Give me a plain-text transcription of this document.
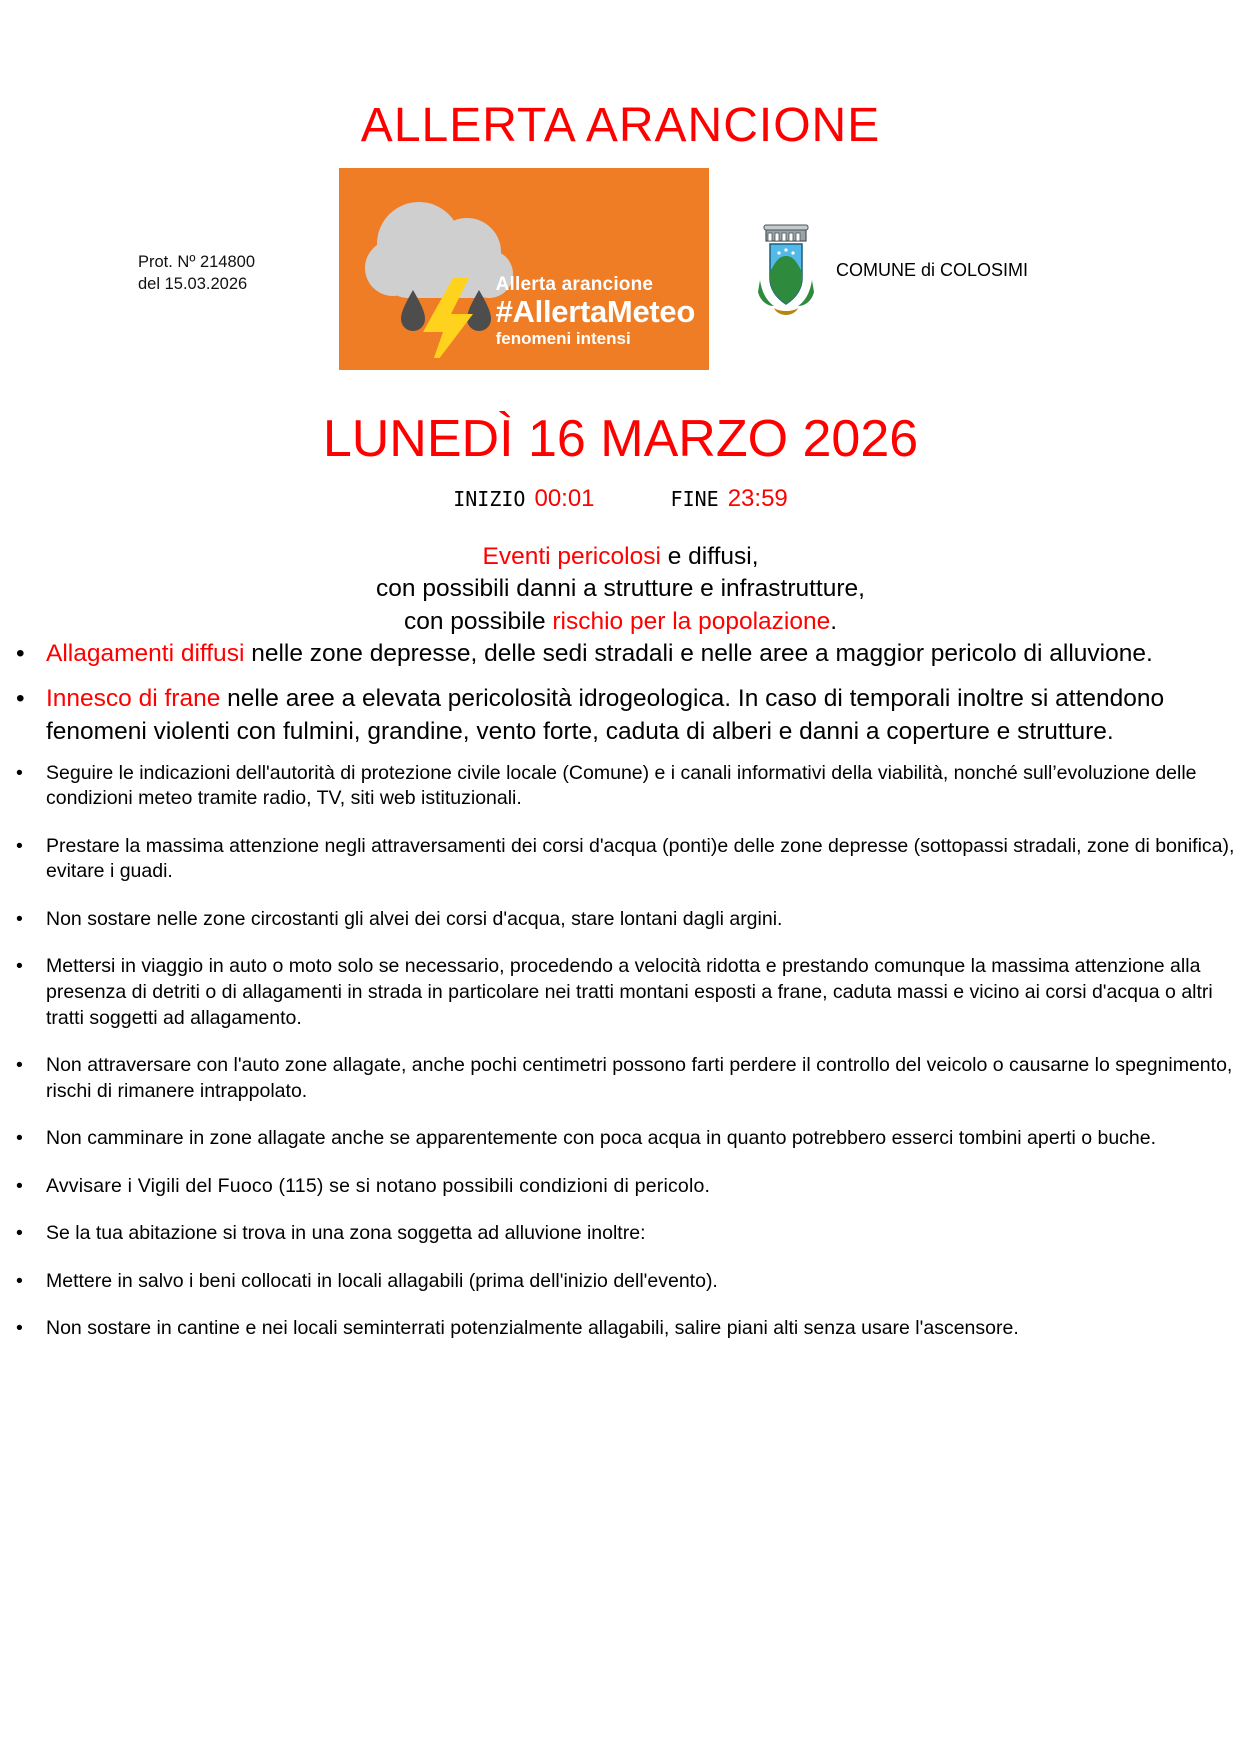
ALLERTA ARANCIONE
Prot. Nº 214800
del 15.03.2026	Allerta arancione
#AllertaMeteo
fenomeni intensi
COMUNE di COLOSIMI
LUNEDÌ 16 MARZO 2026
INIZIO 00:01	FINE 23:59
Eventi pericolosi e diffusi,
con possibili danni a strutture e infrastrutture,
con possibile rischio per la popolazione.
• Allagamenti diffusi nelle zone depresse, delle sedi stradali e nelle aree a maggior pericolo di alluvione.
• Innesco di frane nelle aree a elevata pericolosità idrogeologica. In caso di temporali inoltre si attendono fenomeni violenti con fulmini, grandine, vento forte, caduta di alberi e danni a coperture e strutture.
• Seguire le indicazioni dell'autorità di protezione civile locale (Comune) e i canali informativi della viabilità, nonché sull’evoluzione delle condizioni meteo tramite radio, TV, siti web istituzionali.
• Prestare la massima attenzione negli attraversamenti dei corsi d'acqua (ponti)e delle zone depresse (sottopassi stradali, zone di bonifica), evitare i guadi.
• Non sostare nelle zone circostanti gli alvei dei corsi d'acqua, stare lontani dagli argini.
• Mettersi in viaggio in auto o moto solo se necessario, procedendo a velocità ridotta e prestando comunque la massima attenzione alla presenza di detriti o di allagamenti in strada in particolare nei tratti montani esposti a frane, caduta massi e vicino ai corsi d'acqua o altri tratti soggetti ad allagamento.
• Non attraversare con l'auto zone allagate, anche pochi centimetri possono farti perdere il controllo del veicolo o causarne lo spegnimento, rischi di rimanere intrappolato.
• Non camminare in zone allagate anche se apparentemente con poca acqua in quanto potrebbero esserci tombini aperti o buche.
• Avvisare i Vigili del Fuoco (115) se si notano possibili condizioni di pericolo.
• Se la tua abitazione si trova in una zona soggetta ad alluvione inoltre:
• Mettere in salvo i beni collocati in locali allagabili (prima dell'inizio dell'evento).
• Non sostare in cantine e nei locali seminterrati potenzialmente allagabili, salire piani alti senza usare l'ascensore.
